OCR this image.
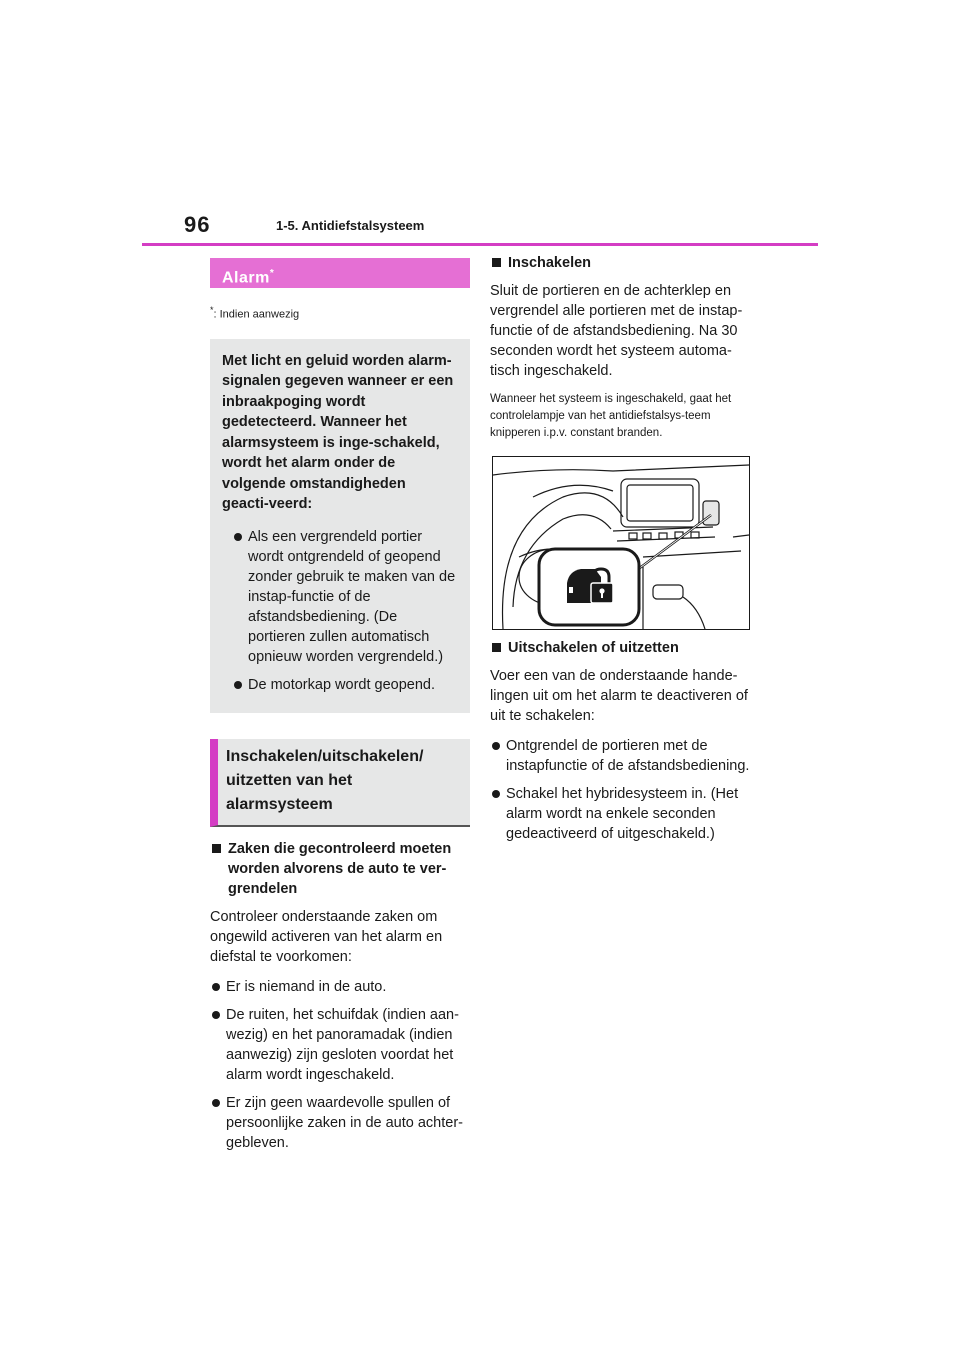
96	1-5. Antidiefstalsysteem
Alarm*
*: Indien aanwezig
Met licht en geluid worden alarm-signalen gegeven wanneer er een inbraakpoging wordt gedetecteerd. Wanneer het alarmsysteem is inge-schakeld, wordt het alarm onder de volgende omstandigheden geacti-veerd:
Als een vergrendeld portier wordt ontgrendeld of geopend zonder gebruik te maken van de instap-functie of de afstandsbediening. (De portieren zullen automatisch opnieuw worden vergrendeld.)
De motorkap wordt geopend.
Inschakelen/uitschakelen/ uitzetten van het alarmsysteem
Zaken die gecontroleerd moeten worden alvorens de auto te ver-grendelen
Controleer onderstaande zaken om ongewild activeren van het alarm en diefstal te voorkomen:
Er is niemand in de auto.
De ruiten, het schuifdak (indien aan-wezig) en het panoramadak (indien aanwezig) zijn gesloten voordat het alarm wordt ingeschakeld.
Er zijn geen waardevolle spullen of persoonlijke zaken in de auto achter-gebleven.
Inschakelen
Sluit de portieren en de achterklep en vergrendel alle portieren met de instap-functie of de afstandsbediening. Na 30 seconden wordt het systeem automa-tisch ingeschakeld.
Wanneer het systeem is ingeschakeld, gaat het controlelampje van het antidiefstalsys-teem knipperen i.p.v. constant branden.
Uitschakelen of uitzetten
Voer een van de onderstaande hande-lingen uit om het alarm te deactiveren of uit te schakelen:
Ontgrendel de portieren met de instapfunctie of de afstandsbediening.
Schakel het hybridesysteem in. (Het alarm wordt na enkele seconden gedeactiveerd of uitgeschakeld.)
